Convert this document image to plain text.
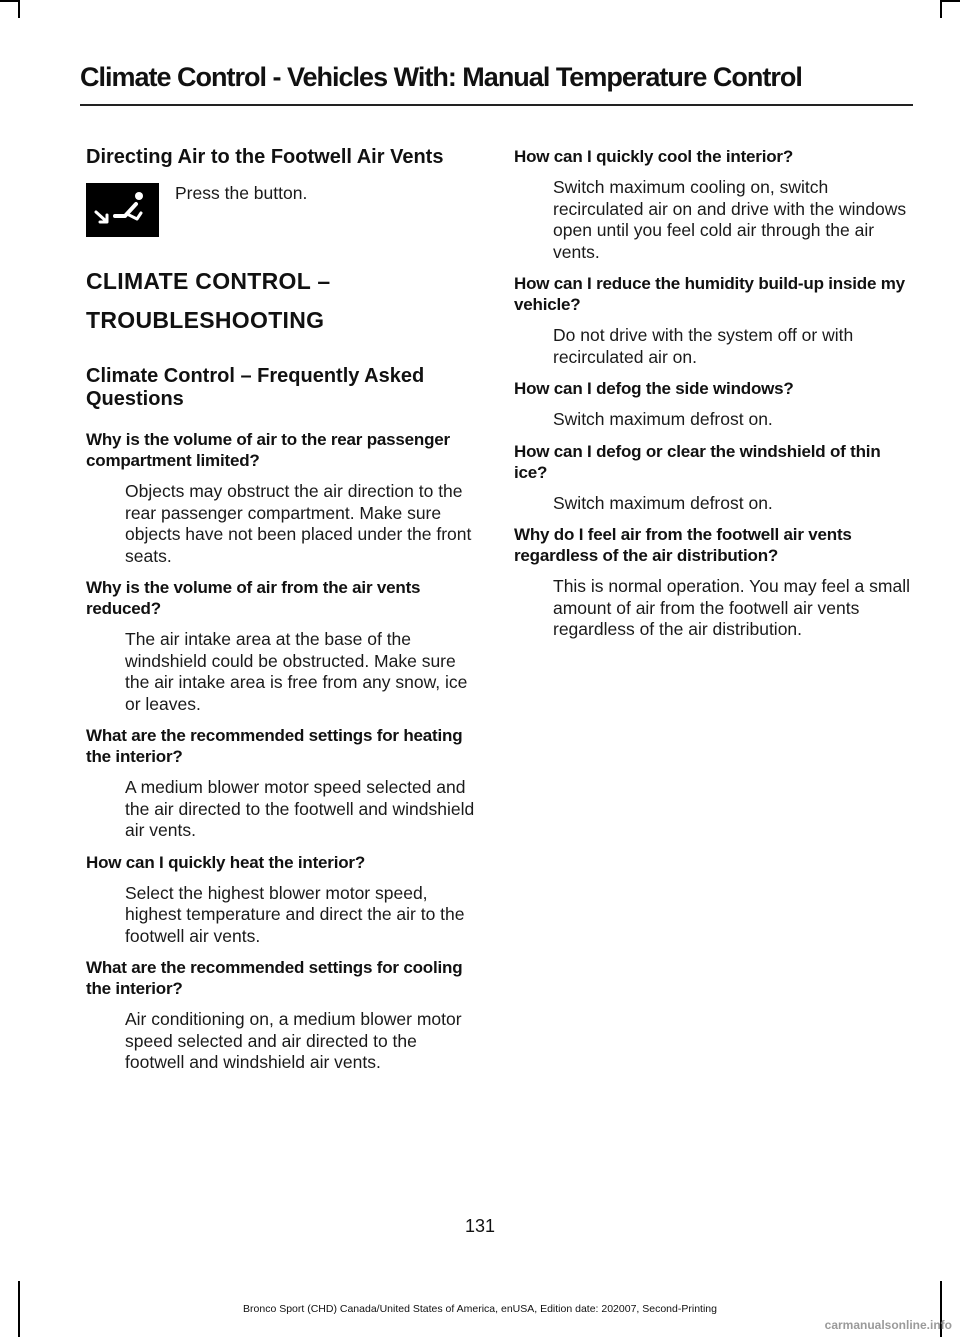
Climate Control - Vehicles With: Manual Temperature Control
Directing Air to the Footwell Air Vents
Press the button.
CLIMATE CONTROL –
TROUBLESHOOTING
Climate Control – Frequently Asked Questions

Why is the volume of air to the rear passenger compartment limited?

Objects may obstruct the air direction to the rear passenger compartment. Make sure objects have not been placed under the front seats.

Why is the volume of air from the air vents reduced?

The air intake area at the base of the windshield could be obstructed. Make sure the air intake area is free from any snow, ice or leaves.

What are the recommended settings for heating the interior?

A medium blower motor speed selected and the air directed to the footwell and windshield air vents.

How can I quickly heat the interior?

Select the highest blower motor speed, highest temperature and direct the air to the footwell air vents.

What are the recommended settings for cooling the interior?

Air conditioning on, a medium blower motor speed selected and air directed to the footwell and windshield air vents.

How can I quickly cool the interior?

Switch maximum cooling on, switch recirculated air on and drive with the windows open until you feel cold air through the air vents.

How can I reduce the humidity build-up inside my vehicle?

Do not drive with the system off or with recirculated air on.

How can I defog the side windows?

Switch maximum defrost on.

How can I defog or clear the windshield of thin ice?

Switch maximum defrost on.

Why do I feel air from the footwell air vents regardless of the air distribution?

This is normal operation. You may feel a small amount of air from the footwell air vents regardless of the air distribution.

131
Bronco Sport (CHD) Canada/United States of America, enUSA, Edition date: 202007, Second-Printing
carmanualsonline.info
